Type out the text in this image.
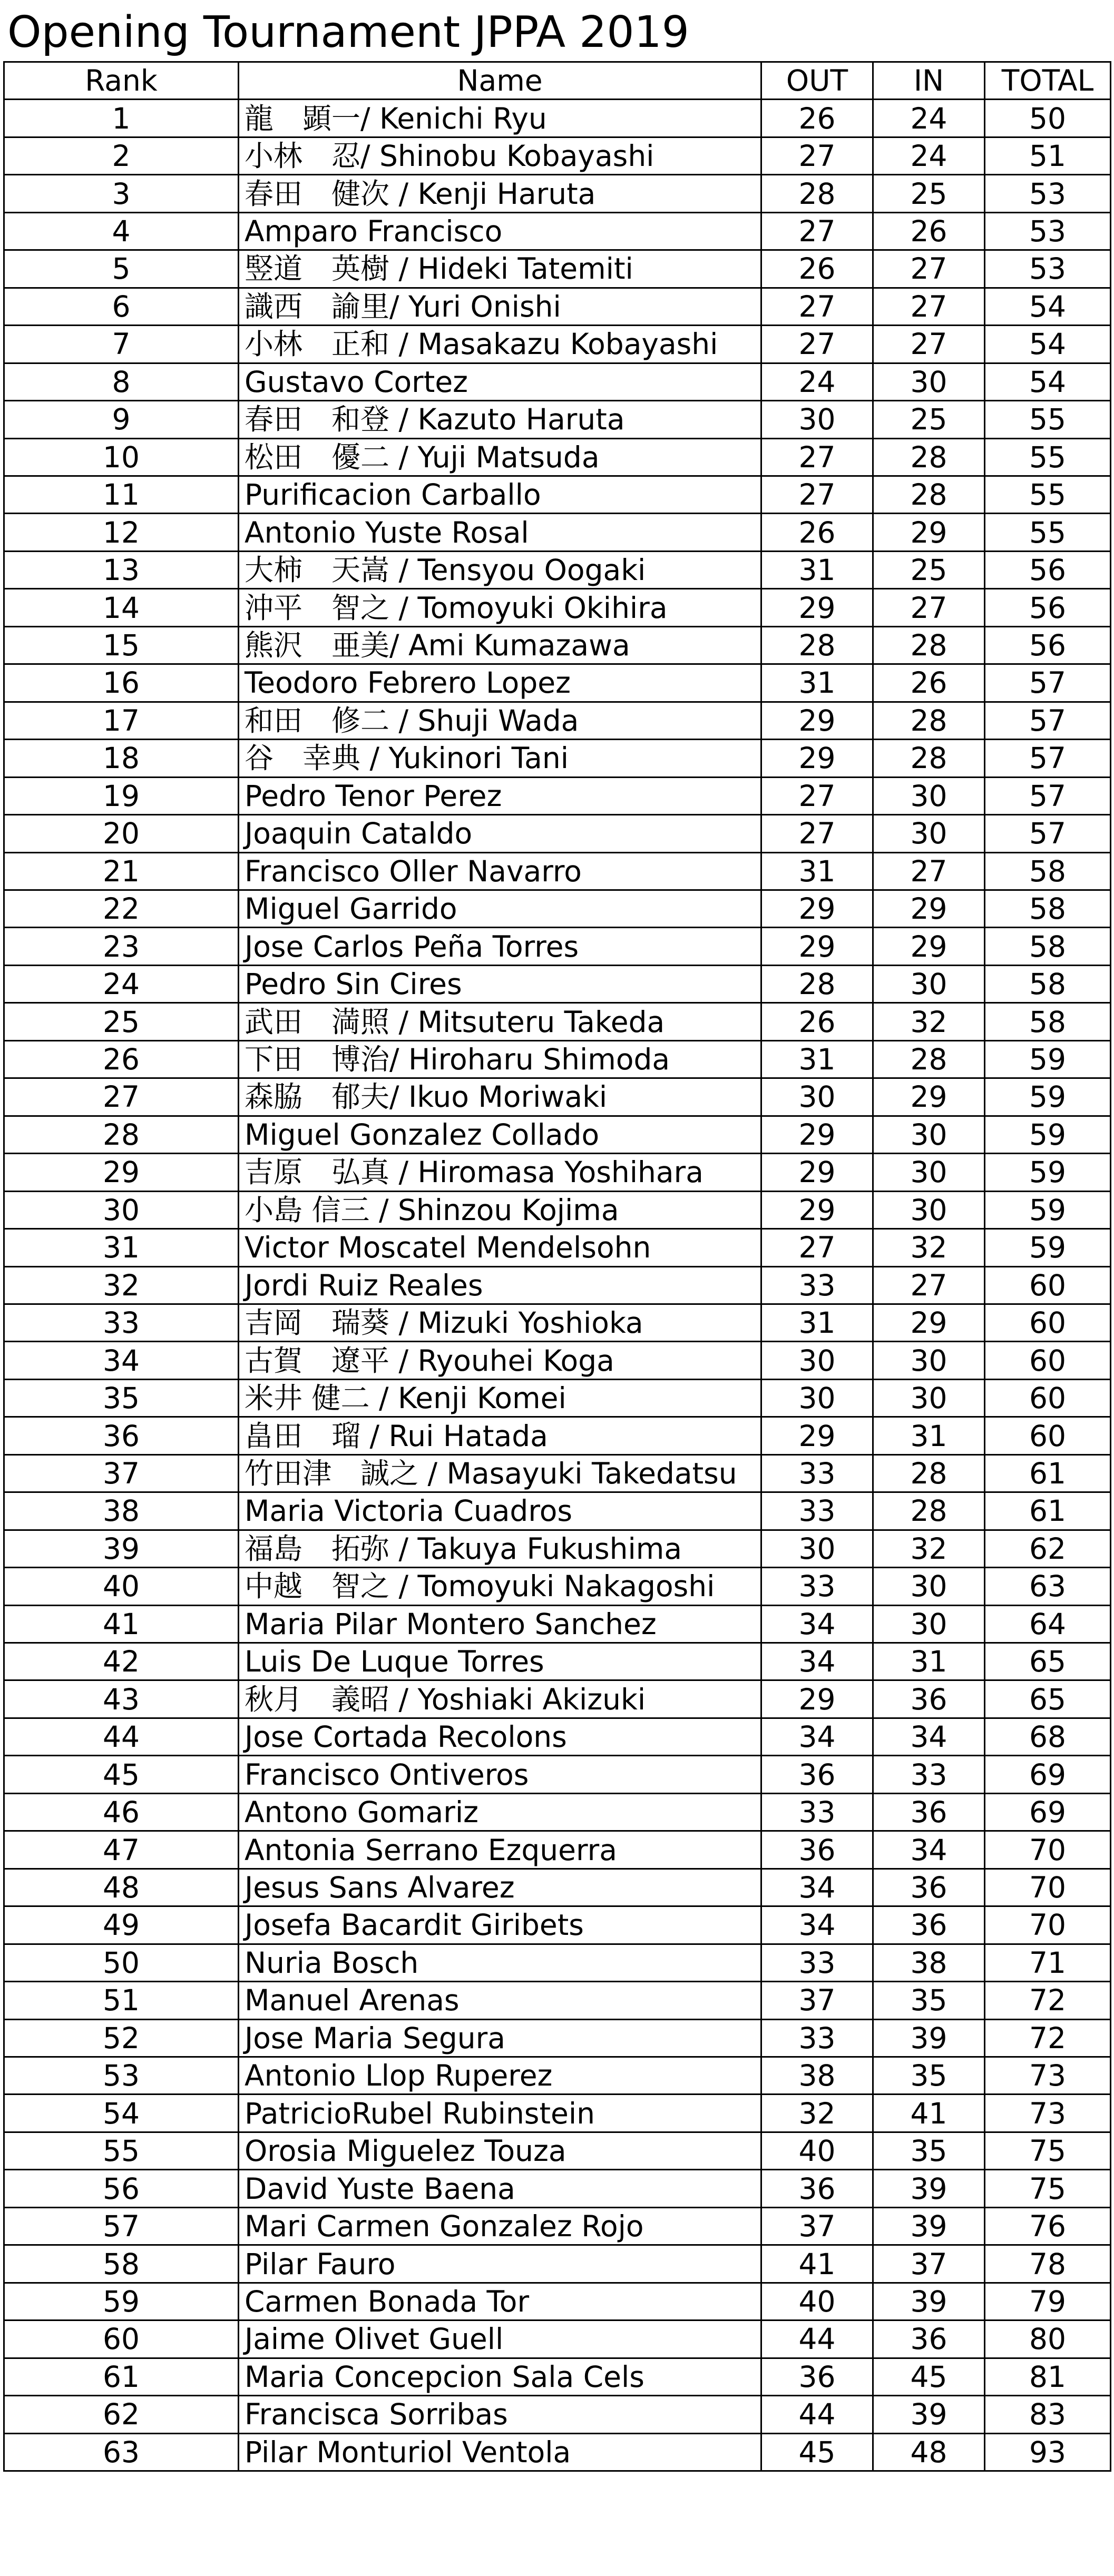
Opening Tournament JPPA 2019
Rank	Name	OUT	IN	TOTAL
1	龍　顕一/ Kenichi Ryu	26	24	50
2	小林　忍/ Shinobu Kobayashi	27	24	51
3	春田　健次 / Kenji Haruta	28	25	53
4	Amparo Francisco	27	26	53
5	竪道　英樹 / Hideki Tatemiti	26	27	53
6	識西　諭里/ Yuri Onishi	27	27	54
7	小林　正和 / Masakazu Kobayashi	27	27	54
8	Gustavo Cortez	24	30	54
9	春田　和登 / Kazuto Haruta	30	25	55
10	松田　優二 / Yuji Matsuda	27	28	55
11	Purificacion Carballo	27	28	55
12	Antonio Yuste Rosal	26	29	55
13	大柿　天嵩 / Tensyou Oogaki	31	25	56
14	沖平　智之 / Tomoyuki Okihira	29	27	56
15	熊沢　亜美/ Ami Kumazawa	28	28	56
16	Teodoro Febrero Lopez	31	26	57
17	和田　修二 / Shuji Wada	29	28	57
18	谷　幸典 / Yukinori Tani	29	28	57
19	Pedro Tenor Perez	27	30	57
20	Joaquin Cataldo	27	30	57
21	Francisco Oller Navarro	31	27	58
22	Miguel Garrido	29	29	58
23	Jose Carlos Peña Torres	29	29	58
24	Pedro Sin Cires	28	30	58
25	武田　満照 / Mitsuteru Takeda	26	32	58
26	下田　博治/ Hiroharu Shimoda	31	28	59
27	森脇　郁夫/ Ikuo Moriwaki	30	29	59
28	Miguel Gonzalez Collado	29	30	59
29	吉原　弘真 / Hiromasa Yoshihara	29	30	59
30	小島 信三 / Shinzou Kojima	29	30	59
31	Victor Moscatel Mendelsohn	27	32	59
32	Jordi Ruiz Reales	33	27	60
33	吉岡　瑞葵 / Mizuki Yoshioka	31	29	60
34	古賀　遼平 / Ryouhei Koga	30	30	60
35	米井 健二 / Kenji Komei	30	30	60
36	畠田　瑠 / Rui Hatada	29	31	60
37	竹田津　誠之 / Masayuki Takedatsu	33	28	61
38	Maria Victoria Cuadros	33	28	61
39	福島　拓弥 / Takuya Fukushima	30	32	62
40	中越　智之 / Tomoyuki Nakagoshi	33	30	63
41	Maria Pilar Montero Sanchez	34	30	64
42	Luis De Luque Torres	34	31	65
43	秋月　義昭 / Yoshiaki Akizuki	29	36	65
44	Jose Cortada Recolons	34	34	68
45	Francisco Ontiveros	36	33	69
46	Antono Gomariz	33	36	69
47	Antonia Serrano Ezquerra	36	34	70
48	Jesus Sans Alvarez	34	36	70
49	Josefa Bacardit Giribets	34	36	70
50	Nuria Bosch	33	38	71
51	Manuel Arenas	37	35	72
52	Jose Maria Segura	33	39	72
53	Antonio Llop Ruperez	38	35	73
54	PatricioRubel Rubinstein	32	41	73
55	Orosia Miguelez Touza	40	35	75
56	David Yuste Baena	36	39	75
57	Mari Carmen Gonzalez Rojo	37	39	76
58	Pilar Fauro	41	37	78
59	Carmen Bonada Tor	40	39	79
60	Jaime Olivet Guell	44	36	80
61	Maria Concepcion Sala Cels	36	45	81
62	Francisca Sorribas	44	39	83
63	Pilar Monturiol Ventola	45	48	93
